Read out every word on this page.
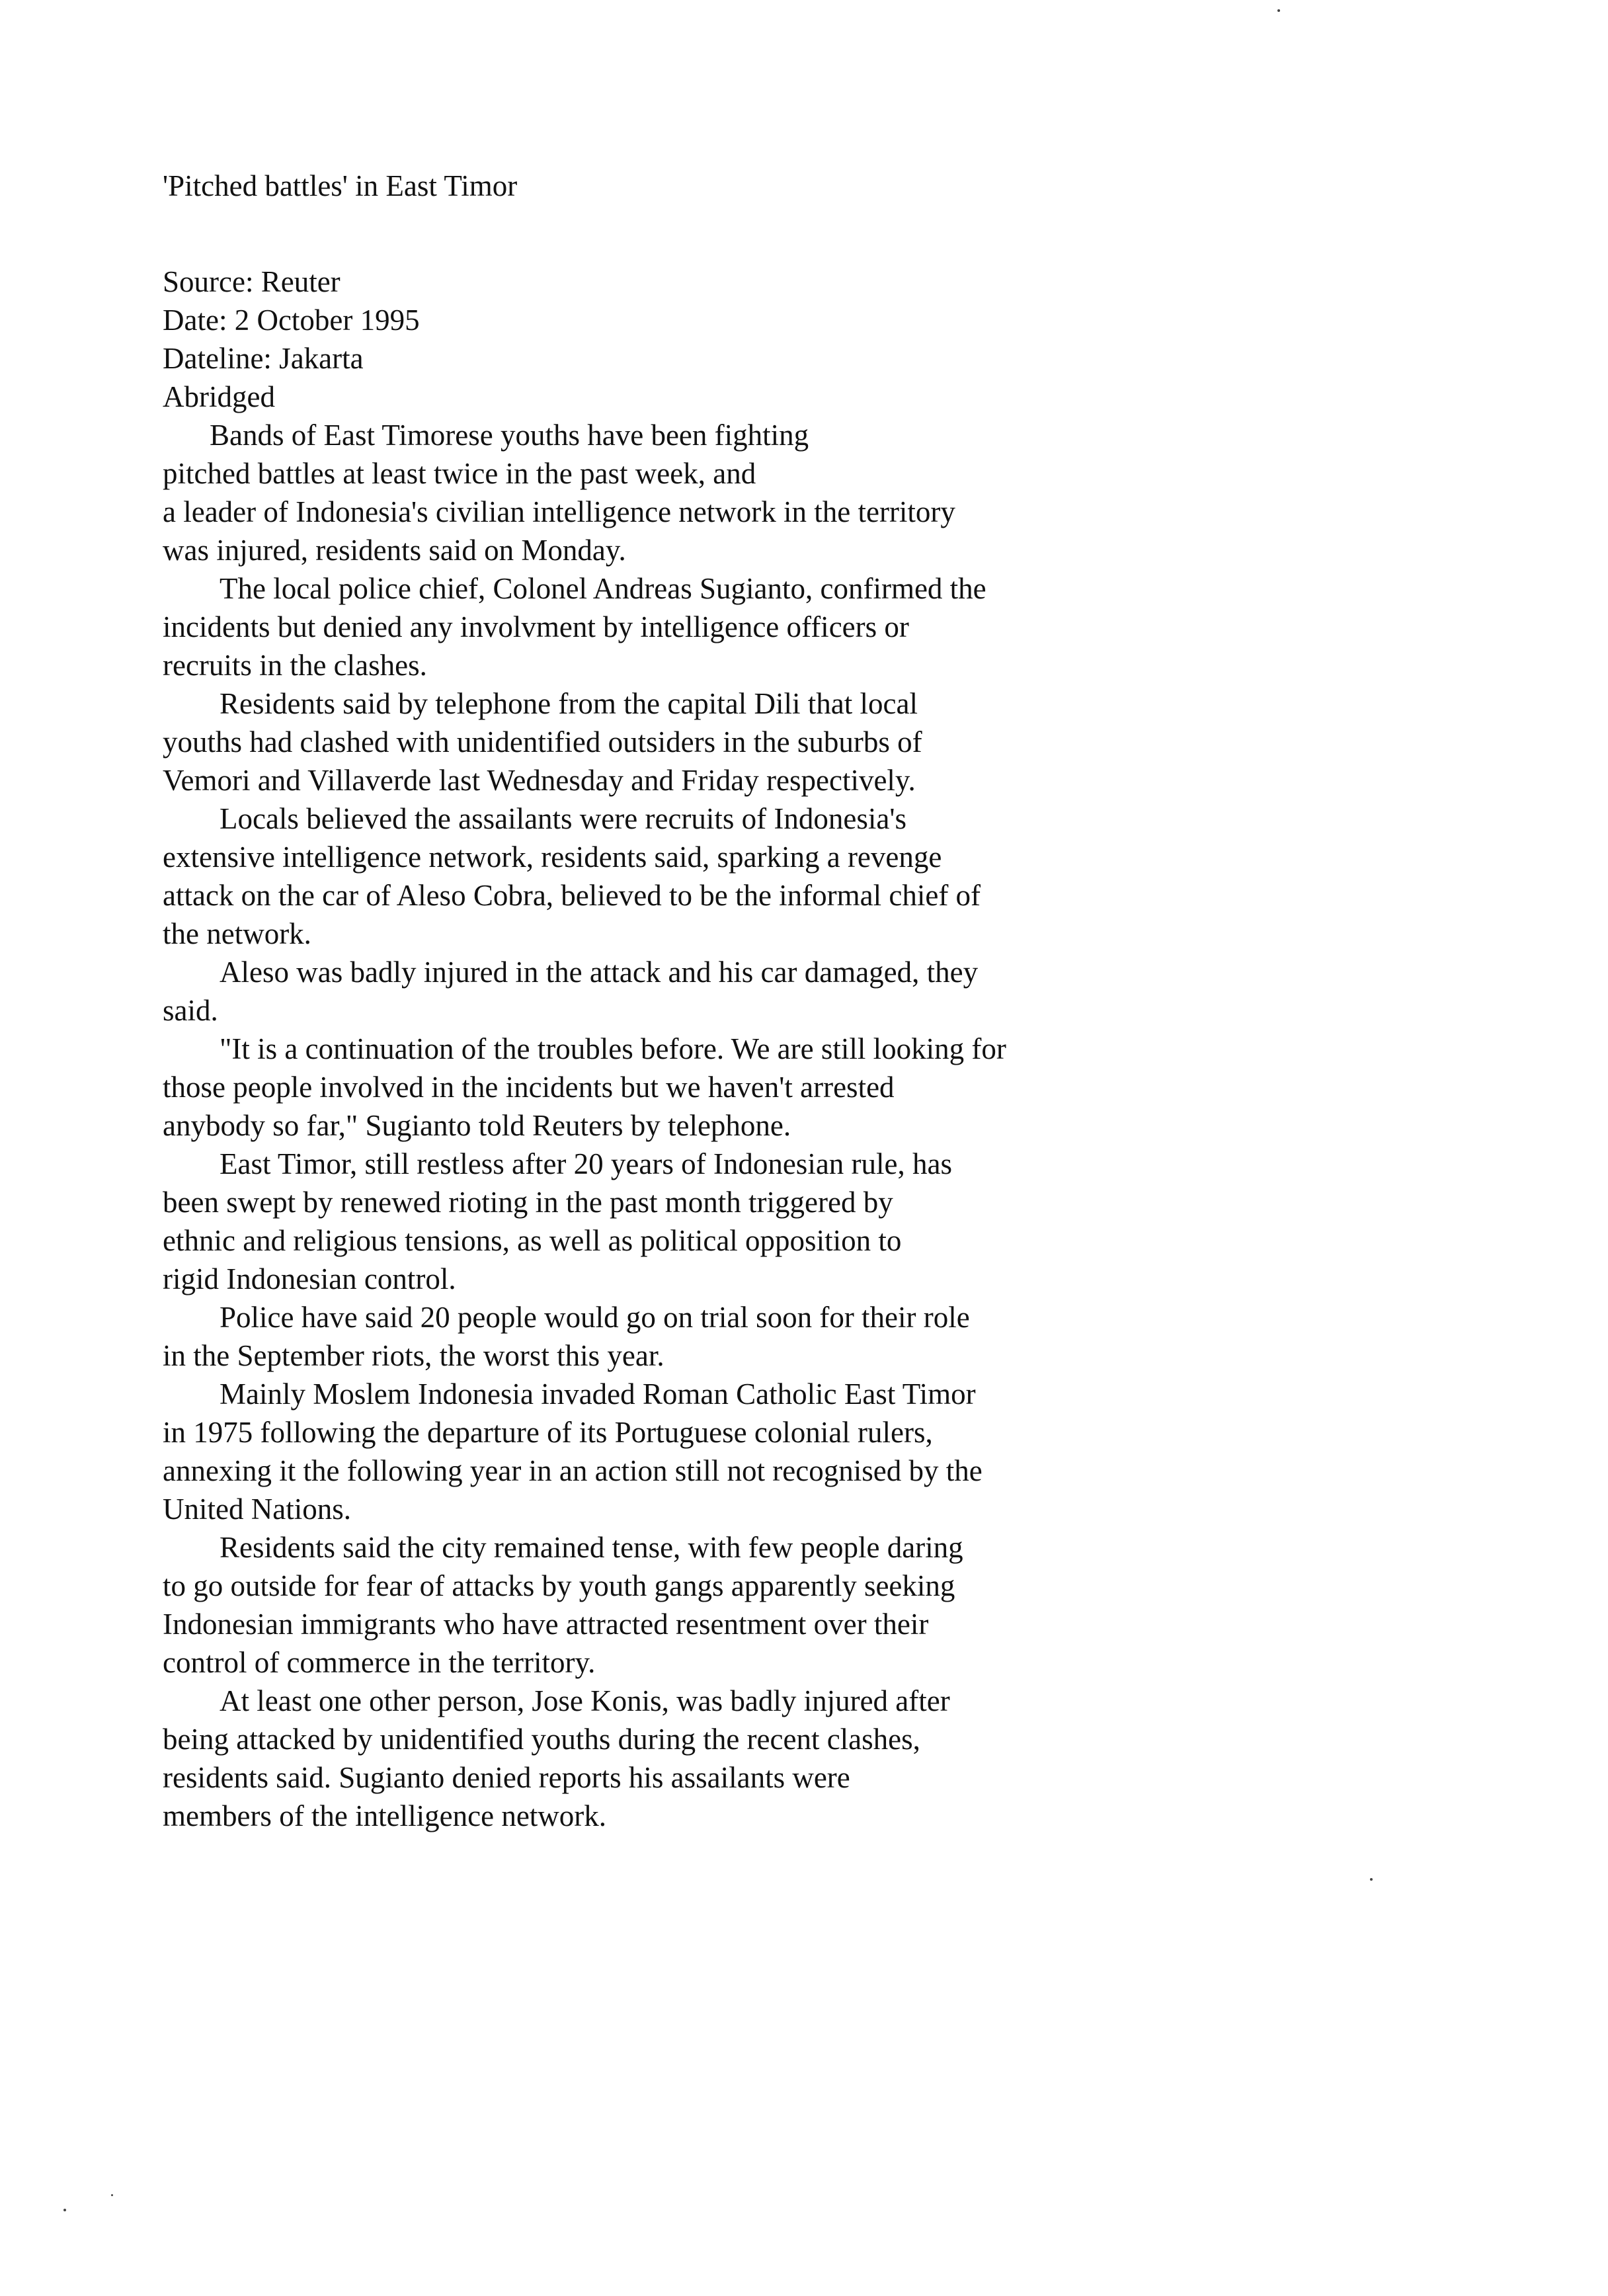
'Pitched battles' in East Timor
Source: Reuter
Date: 2 October 1995
Dateline: Jakarta
Abridged
Bands of East Timorese youths have been fighting
pitched battles at least twice in the past week, and
a leader of Indonesia's civilian intelligence network in the territory
was injured, residents said on Monday.
The local police chief, Colonel Andreas Sugianto, confirmed the
incidents but denied any involvment by intelligence officers or
recruits in the clashes.
Residents said by telephone from the capital Dili that local
youths had clashed with unidentified outsiders in the suburbs of
Vemori and Villaverde last Wednesday and Friday respectively.
Locals believed the assailants were recruits of Indonesia's
extensive intelligence network, residents said, sparking a revenge
attack on the car of Aleso Cobra, believed to be the informal chief of
the network.
Aleso was badly injured in the attack and his car damaged, they
said.
"It is a continuation of the troubles before. We are still looking for
those people involved in the incidents but we haven't arrested
anybody so far," Sugianto told Reuters by telephone.
East Timor, still restless after 20 years of Indonesian rule, has
been swept by renewed rioting in the past month triggered by
ethnic and religious tensions, as well as political opposition to
rigid Indonesian control.
Police have said 20 people would go on trial soon for their role
in the September riots, the worst this year.
Mainly Moslem Indonesia invaded Roman Catholic East Timor
in 1975 following the departure of its Portuguese colonial rulers,
annexing it the following year in an action still not recognised by the
United Nations.
Residents said the city remained tense, with few people daring
to go outside for fear of attacks by youth gangs apparently seeking
Indonesian immigrants who have attracted resentment over their
control of commerce in the territory.
At least one other person, Jose Konis, was badly injured after
being attacked by unidentified youths during the recent clashes,
residents said. Sugianto denied reports his assailants were
members of the intelligence network.
